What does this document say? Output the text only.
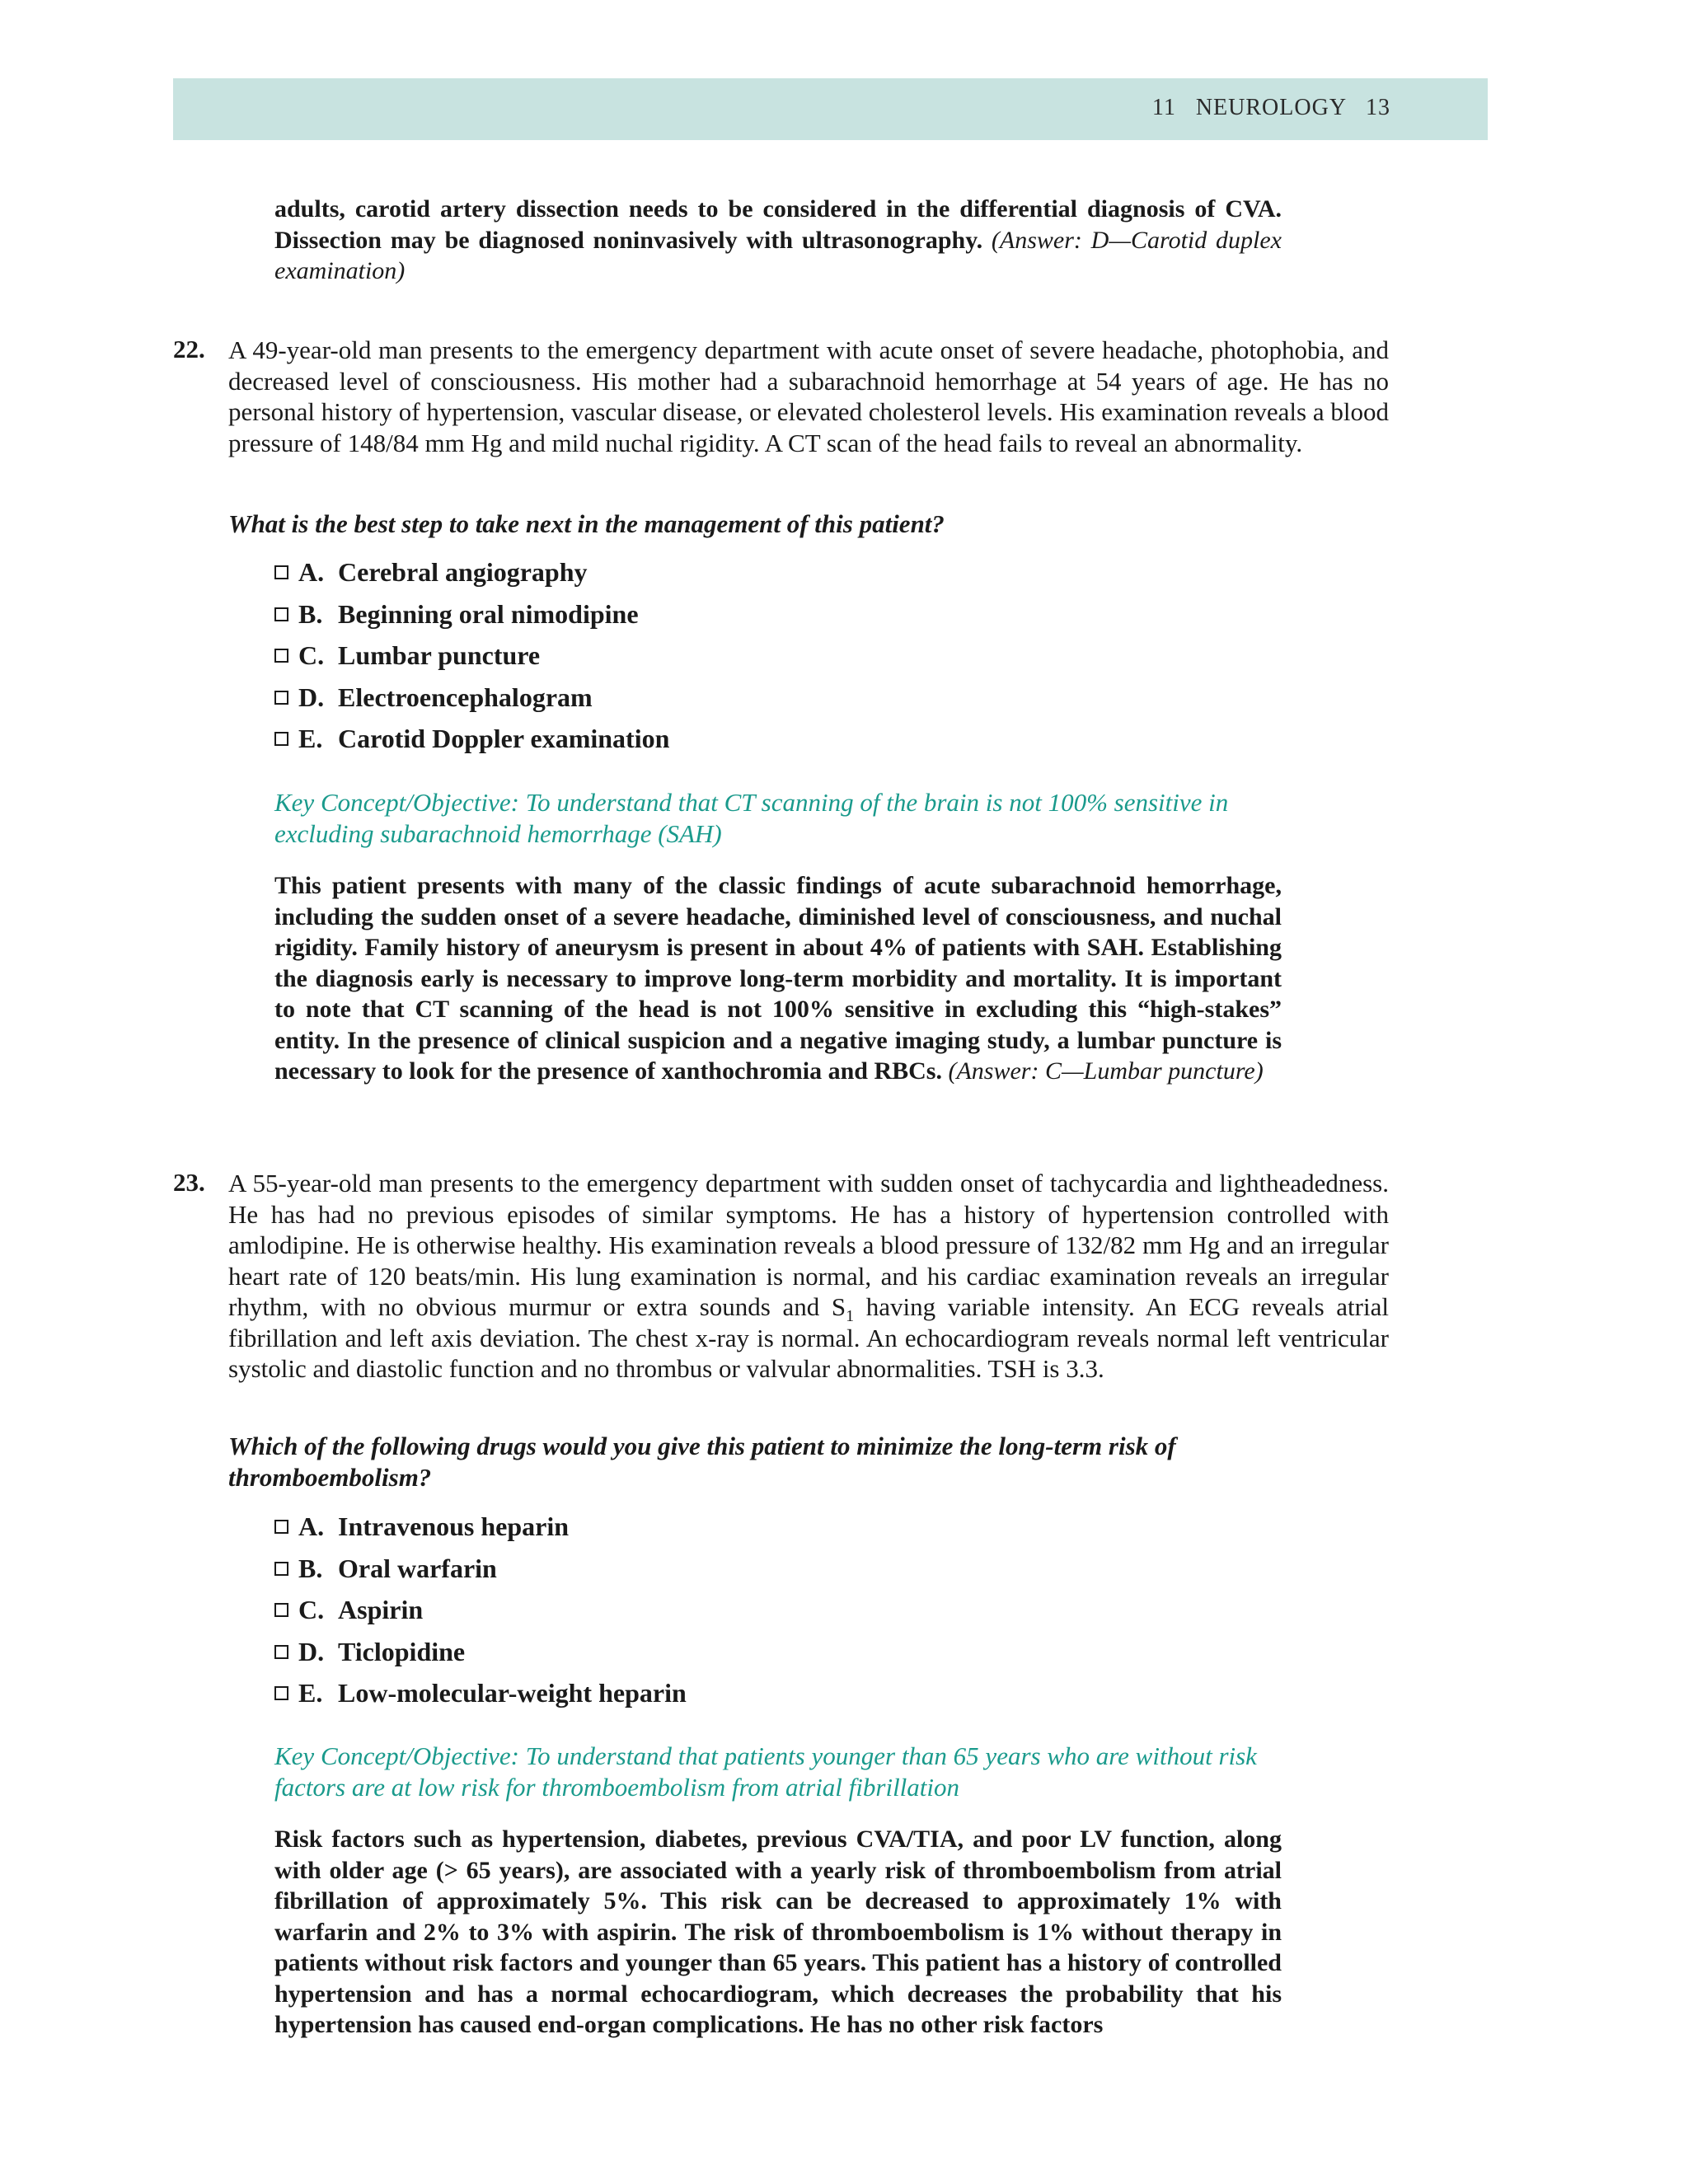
11 NEUROLOGY 13
adults, carotid artery dissection needs to be considered in the differential diagnosis of CVA. Dissection may be diagnosed noninvasively with ultrasonography. (Answer: D—Carotid duplex examination)
22. A 49-year-old man presents to the emergency department with acute onset of severe headache, photophobia, and decreased level of consciousness. His mother had a subarachnoid hemorrhage at 54 years of age. He has no personal history of hypertension, vascular disease, or elevated cholesterol levels. His examination reveals a blood pressure of 148/84 mm Hg and mild nuchal rigidity. A CT scan of the head fails to reveal an abnormality.
What is the best step to take next in the management of this patient?
A. Cerebral angiography
B. Beginning oral nimodipine
C. Lumbar puncture
D. Electroencephalogram
E. Carotid Doppler examination
Key Concept/Objective: To understand that CT scanning of the brain is not 100% sensitive in excluding subarachnoid hemorrhage (SAH)
This patient presents with many of the classic findings of acute subarachnoid hemorrhage, including the sudden onset of a severe headache, diminished level of consciousness, and nuchal rigidity. Family history of aneurysm is present in about 4% of patients with SAH. Establishing the diagnosis early is necessary to improve long-term morbidity and mortality. It is important to note that CT scanning of the head is not 100% sensitive in excluding this “high-stakes” entity. In the presence of clinical suspicion and a negative imaging study, a lumbar puncture is necessary to look for the presence of xanthochromia and RBCs. (Answer: C—Lumbar puncture)
23. A 55-year-old man presents to the emergency department with sudden onset of tachycardia and lightheadedness. He has had no previous episodes of similar symptoms. He has a history of hypertension controlled with amlodipine. He is otherwise healthy. His examination reveals a blood pressure of 132/82 mm Hg and an irregular heart rate of 120 beats/min. His lung examination is normal, and his cardiac examination reveals an irregular rhythm, with no obvious murmur or extra sounds and $S_1$ having variable intensity. An ECG reveals atrial fibrillation and left axis deviation. The chest x-ray is normal. An echocardiogram reveals normal left ventricular systolic and diastolic function and no thrombus or valvular abnormalities. TSH is 3.3.
Which of the following drugs would you give this patient to minimize the long-term risk of thromboembolism?
A. Intravenous heparin
B. Oral warfarin
C. Aspirin
D. Ticlopidine
E. Low-molecular-weight heparin
Key Concept/Objective: To understand that patients younger than 65 years who are without risk factors are at low risk for thromboembolism from atrial fibrillation
Risk factors such as hypertension, diabetes, previous CVA/TIA, and poor LV function, along with older age (> 65 years), are associated with a yearly risk of thromboembolism from atrial fibrillation of approximately 5%. This risk can be decreased to approximately 1% with warfarin and 2% to 3% with aspirin. The risk of thromboembolism is 1% without therapy in patients without risk factors and younger than 65 years. This patient has a history of controlled hypertension and has a normal echocardiogram, which decreases the probability that his hypertension has caused end-organ complications. He has no other risk factors
